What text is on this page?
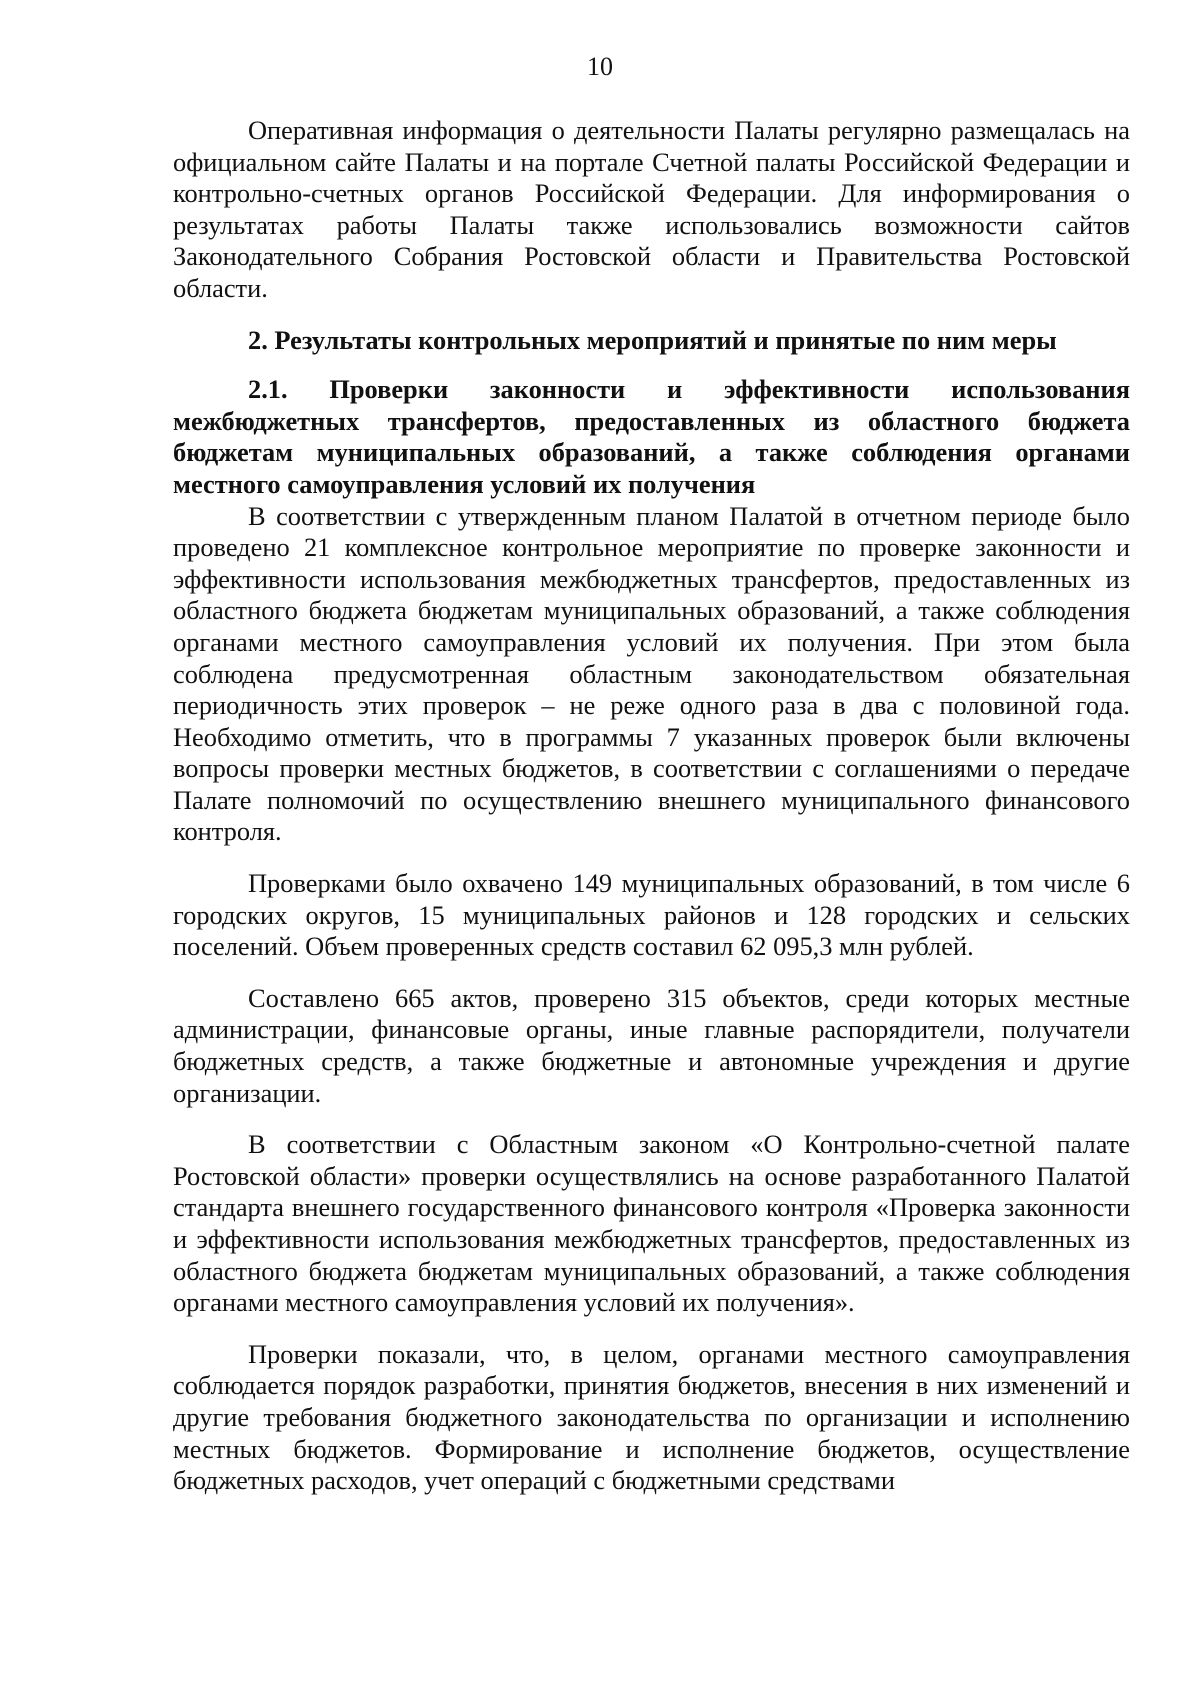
10

Оперативная информация о деятельности Палаты регулярно размещалась на официальном сайте Палаты и на портале Счетной палаты Российской Федерации и контрольно-счетных органов Российской Федерации. Для информирования о результатах работы Палаты также использовались возможности сайтов Законодательного Собрания Ростовской области и Правительства Ростовской области.

2. Результаты контрольных мероприятий и принятые по ним меры

2.1. Проверки законности и эффективности использования межбюджетных трансфертов, предоставленных из областного бюджета бюджетам муниципальных образований, а также соблюдения органами местного самоуправления условий их получения

В соответствии с утвержденным планом Палатой в отчетном периоде было проведено 21 комплексное контрольное мероприятие по проверке законности и эффективности использования межбюджетных трансфертов, предоставленных из областного бюджета бюджетам муниципальных образований, а также соблюдения органами местного самоуправления условий их получения. При этом была соблюдена предусмотренная областным законодательством обязательная периодичность этих проверок – не реже одного раза в два с половиной года. Необходимо отметить, что в программы 7 указанных проверок были включены вопросы проверки местных бюджетов, в соответствии с соглашениями о передаче Палате полномочий по осуществлению внешнего муниципального финансового контроля.

Проверками было охвачено 149 муниципальных образований, в том числе 6 городских округов, 15 муниципальных районов и 128 городских и сельских поселений. Объем проверенных средств составил 62 095,3 млн рублей.

Составлено 665 актов, проверено 315 объектов, среди которых местные администрации, финансовые органы, иные главные распорядители, получатели бюджетных средств, а также бюджетные и автономные учреждения и другие организации.

В соответствии с Областным законом «О Контрольно-счетной палате Ростовской области» проверки осуществлялись на основе разработанного Палатой стандарта внешнего государственного финансового контроля «Проверка законности и эффективности использования межбюджетных трансфертов, предоставленных из областного бюджета бюджетам муниципальных образований, а также соблюдения органами местного самоуправления условий их получения».

Проверки показали, что, в целом, органами местного самоуправления соблюдается порядок разработки, принятия бюджетов, внесения в них изменений и другие требования бюджетного законодательства по организации и исполнению местных бюджетов. Формирование и исполнение бюджетов, осуществление бюджетных расходов, учет операций с бюджетными средствами
